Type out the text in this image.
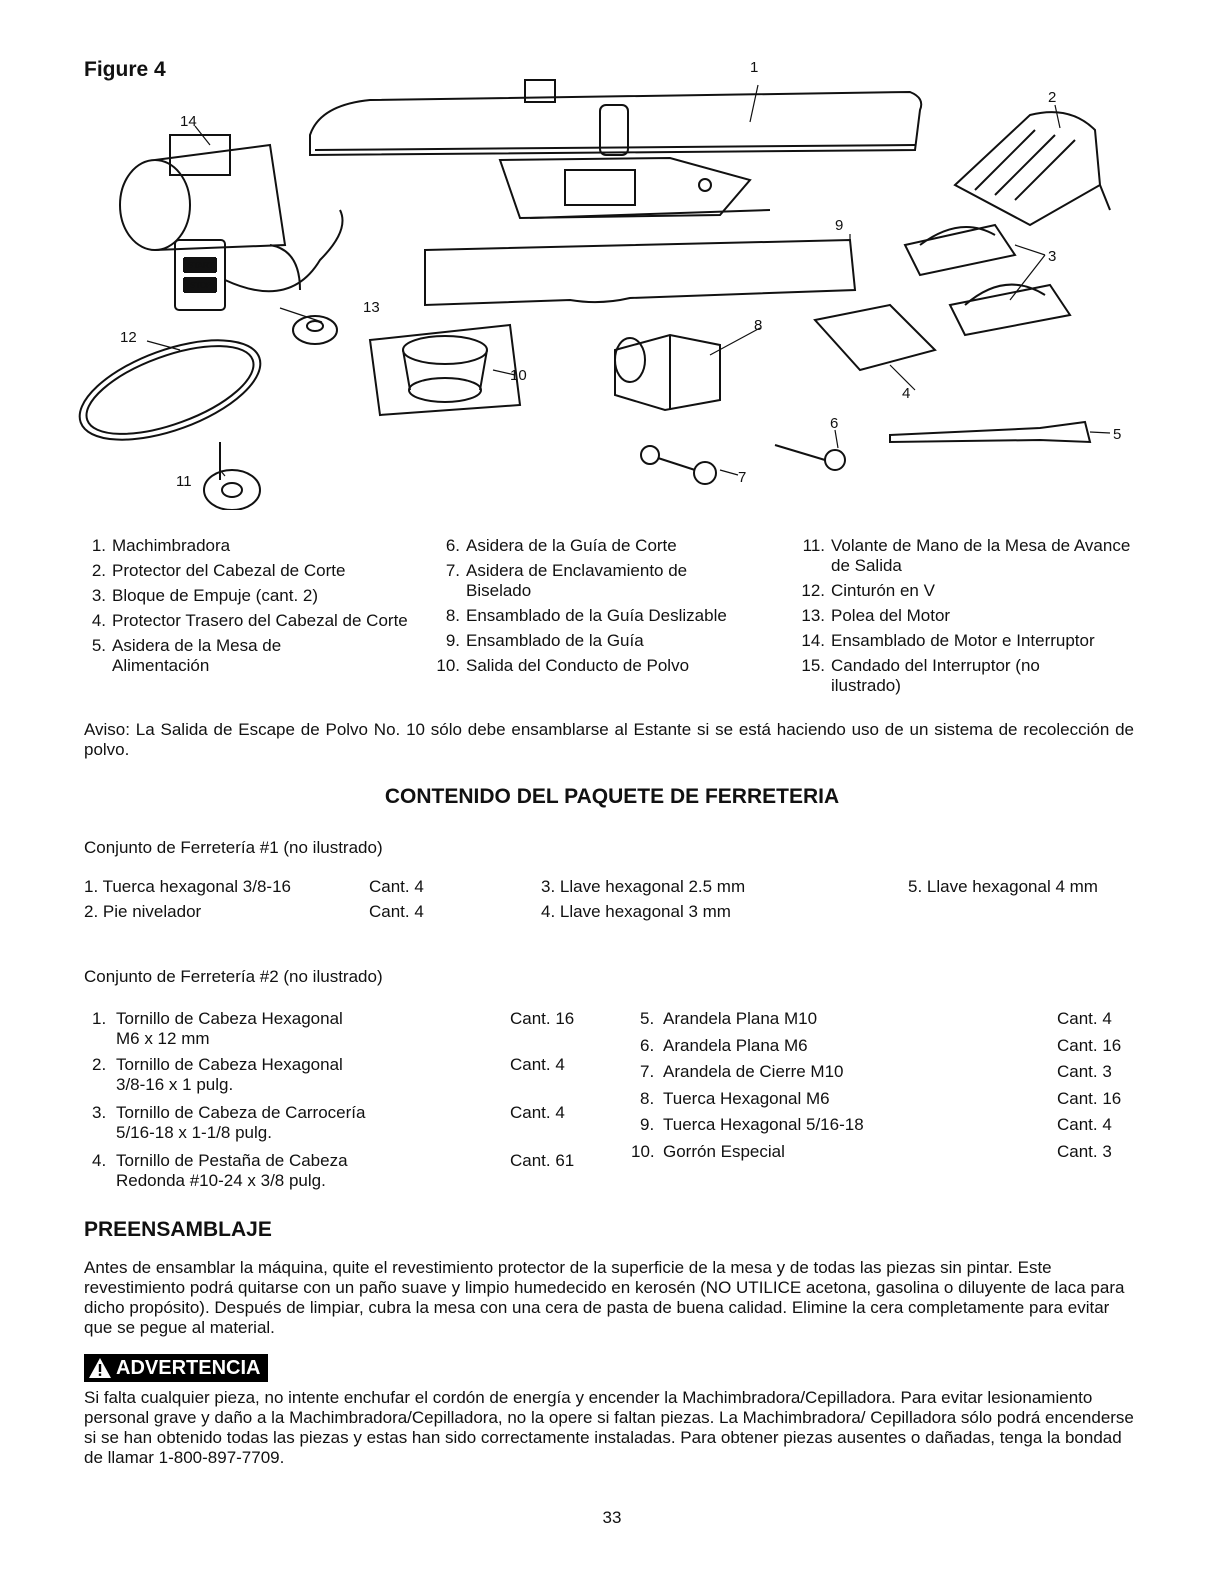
Figure 4
START
STOP
1
2
3
4
5
6
7
8
9
10
11
12
13
14
1. Machimbradora
2. Protector del Cabezal de Corte
3. Bloque de Empuje (cant. 2)
4. Protector Trasero del Cabezal de Corte
5. Asidera de la Mesa de Alimentación
6. Asidera de la Guía de Corte
7. Asidera de Enclavamiento de Biselado
8. Ensamblado de la Guía Deslizable
9. Ensamblado de la Guía
10. Salida del Conducto de Polvo
11. Volante de Mano de la Mesa de Avance de Salida
12. Cinturón en V
13. Polea del Motor
14. Ensamblado de Motor e Interruptor
15. Candado del Interruptor (no ilustrado)
Aviso: La Salida de Escape de Polvo No. 10 sólo debe ensamblarse al Estante si se está haciendo uso de un sistema de recolección de polvo.
CONTENIDO DEL PAQUETE DE FERRETERIA
Conjunto de Ferretería #1 (no ilustrado)
1. Tuerca hexagonal 3/8-16	Cant. 4
2. Pie nivelador	Cant. 4
3. Llave hexagonal 2.5 mm
4. Llave hexagonal 3 mm
5. Llave hexagonal 4 mm
Conjunto de Ferretería #2 (no ilustrado)
1. Tornillo de Cabeza Hexagonal
M6 x 12 mm
Cant. 16
2. Tornillo de Cabeza Hexagonal
3/8-16 x 1 pulg.
Cant. 4
3. Tornillo de Cabeza de Carrocería
5/16-18 x 1-1/8 pulg.
Cant. 4
4. Tornillo de Pestaña de Cabeza
Redonda #10-24 x 3/8 pulg.
Cant. 61
5. Arandela Plana M10	Cant. 4
6. Arandela Plana M6	Cant. 16
7. Arandela de Cierre M10	Cant. 3
8. Tuerca Hexagonal M6	Cant. 16
9. Tuerca Hexagonal 5/16-18	Cant. 4
10. Gorrón Especial	Cant. 3
PREENSAMBLAJE
Antes de ensamblar la máquina, quite el revestimiento protector de la superficie de la mesa y de todas las piezas sin pintar. Este revestimiento podrá quitarse con un paño suave y limpio humedecido en kerosén (NO UTILICE acetona, gasolina o diluyente de laca para dicho propósito). Después de limpiar, cubra la mesa con una cera de pasta de buena calidad. Elimine la cera completamente para evitar que se pegue al material.
ADVERTENCIA
Si falta cualquier pieza, no intente enchufar el cordón de energía y encender la Machimbradora/Cepilladora. Para evitar lesionamiento personal grave y daño a la Machimbradora/Cepilladora, no la opere si faltan piezas. La Machimbradora/ Cepilladora sólo podrá encenderse si se han obtenido todas las piezas y estas han sido correctamente instaladas. Para obtener piezas ausentes o dañadas, tenga la bondad de llamar 1-800-897-7709.
33
